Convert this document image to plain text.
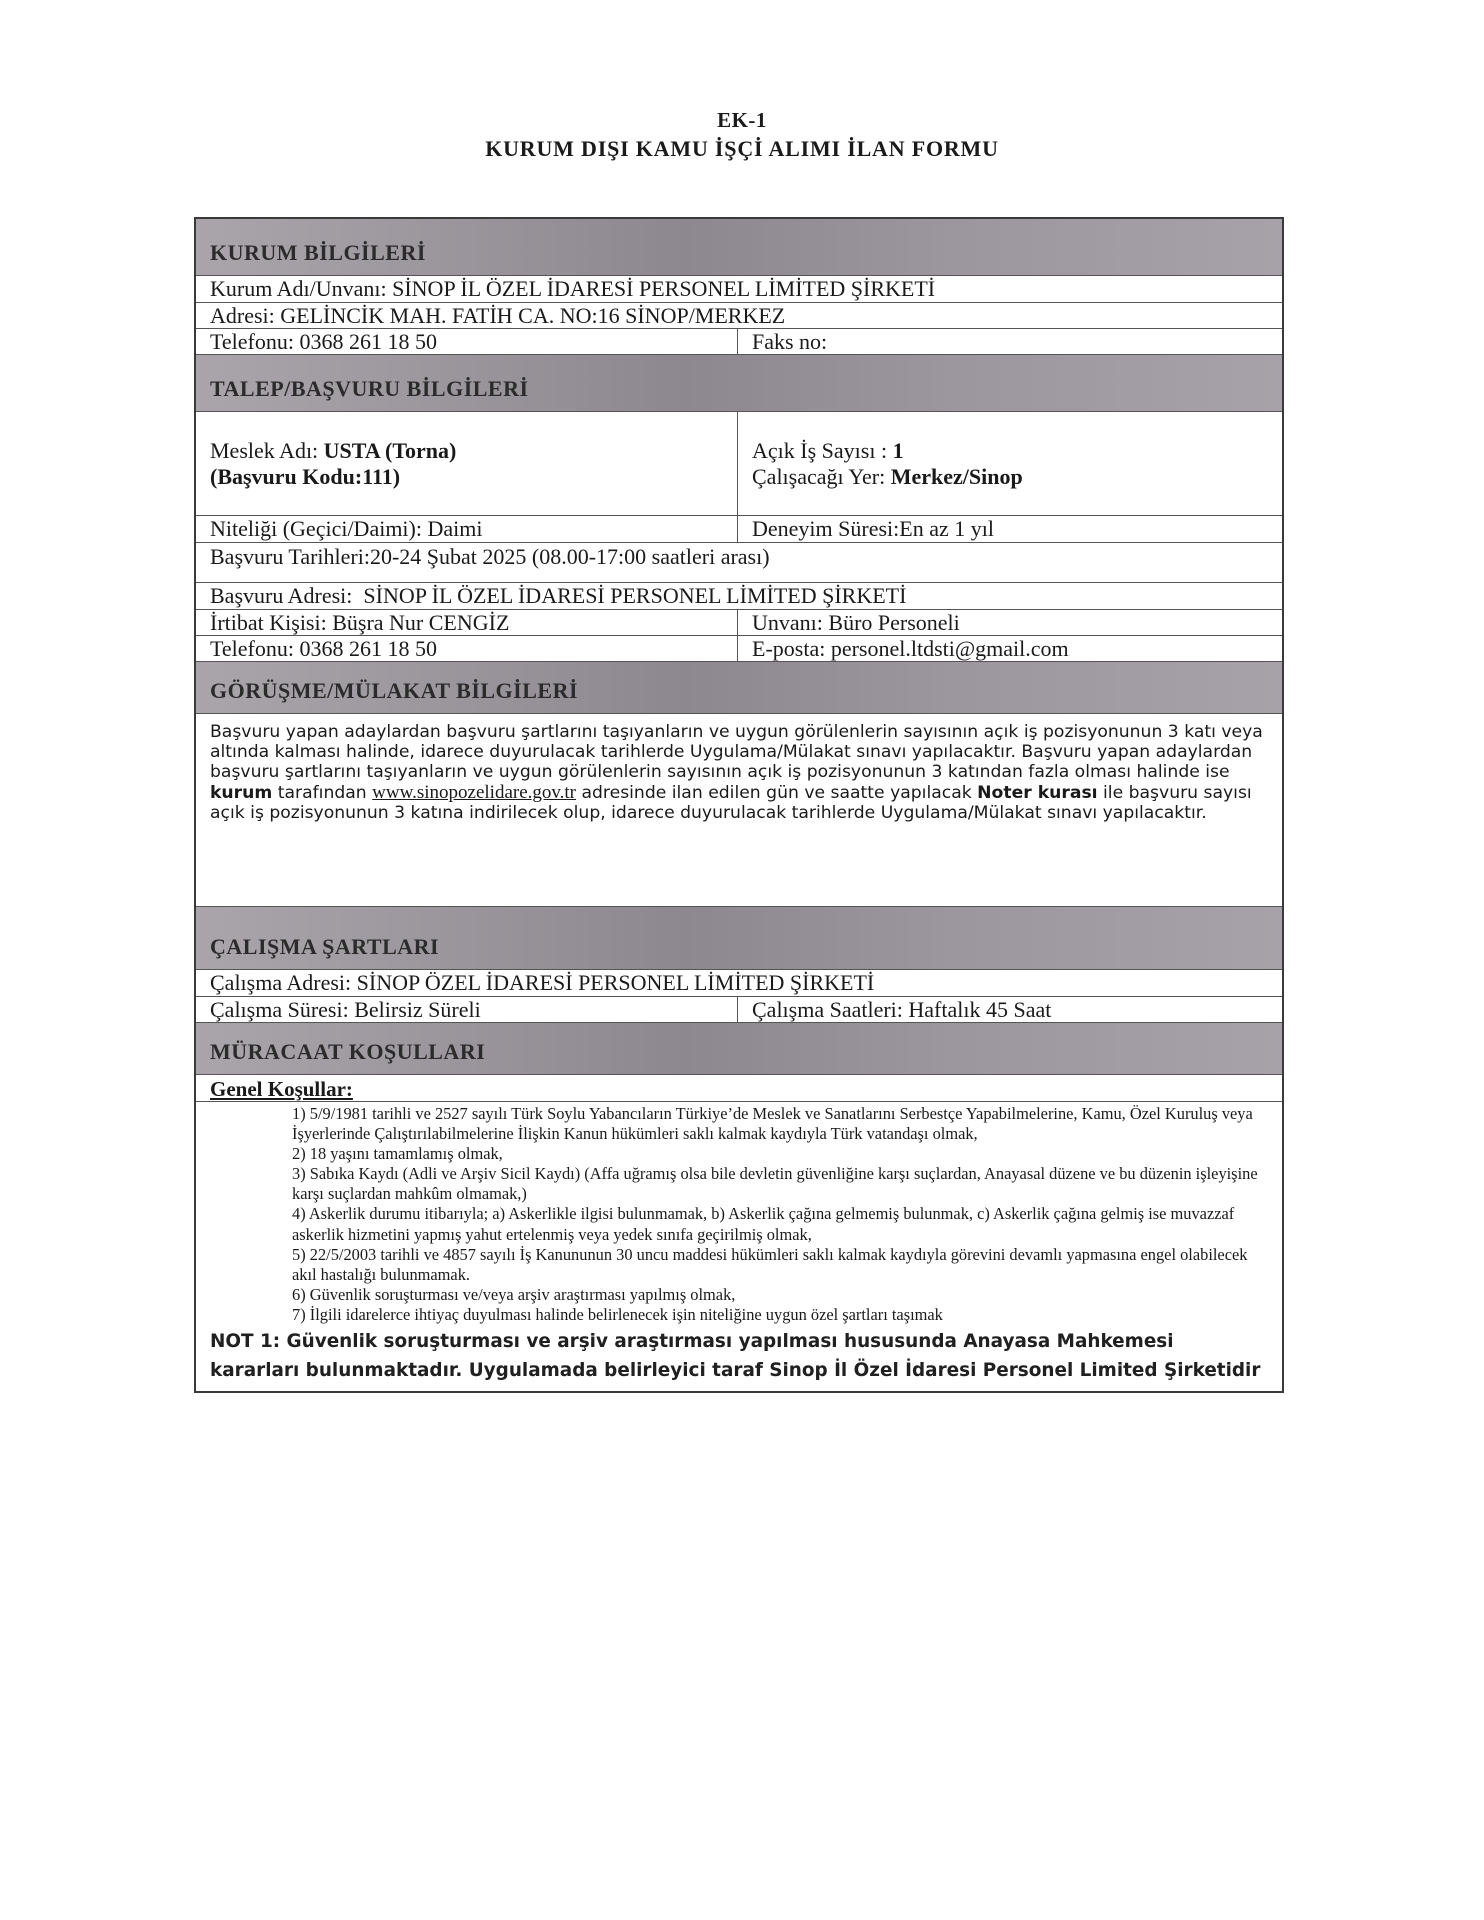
EK-1
KURUM DIŞI KAMU İŞÇİ ALIMI İLAN FORMU
KURUM BİLGİLERİ
Kurum Adı/Unvanı:
SİNOP İL ÖZEL İDARESİ PERSONEL LİMİTED ŞİRKETİ
Adresi:
GELİNCİK MAH. FATİH CA. NO:16 SİNOP/MERKEZ
Telefonu:
0368 261 18 50	Faks no:
TALEP/BAŞVURU BİLGİLERİ
Meslek Adı: USTA (Torna)
(Başvuru Kodu:111)
Açık İş Sayısı : 1
Çalışacağı Yer: Merkez/Sinop
Niteliği (Geçici/Daimi):
Daimi	Deneyim Süresi: En az 1 yıl
Başvuru Tarihleri: 20-24 Şubat 2025 (08.00-17:00 saatleri arası)
Başvuru Adresi:
SİNOP İL ÖZEL İDARESİ PERSONEL LİMİTED ŞİRKETİ
İrtibat Kişisi:
Büşra Nur CENGİZ	Unvanı:
Büro Personeli
Telefonu:
0368 261 18 50	E-posta:
personel.ltdsti@gmail.com
GÖRÜŞME/MÜLAKAT BİLGİLERİ
Başvuru yapan adaylardan başvuru şartlarını taşıyanların ve uygun görülenlerin sayısının açık iş pozisyonunun 3 katı veya altında kalması halinde, idarece duyurulacak tarihlerde Uygulama/Mülakat sınavı yapılacaktır. Başvuru yapan adaylardan başvuru şartlarını taşıyanların ve uygun görülenlerin sayısının açık iş pozisyonunun 3 katından fazla olması halinde ise kurum tarafından www.sinopozelidare.gov.tr adresinde ilan edilen gün ve saatte yapılacak Noter kurası ile başvuru sayısı açık iş pozisyonunun 3 katına indirilecek olup, idarece duyurulacak tarihlerde Uygulama/Mülakat sınavı yapılacaktır.
ÇALIŞMA ŞARTLARI
Çalışma Adresi:
SİNOP ÖZEL İDARESİ PERSONEL LİMİTED ŞİRKETİ
Çalışma Süresi:
Belirsiz Süreli	Çalışma Saatleri:
Haftalık 45 Saat
MÜRACAAT KOŞULLARI
Genel Koşullar:
1) 5/9/1981 tarihli ve 2527 sayılı Türk Soylu Yabancıların Türkiye’de Meslek ve Sanatlarını Serbestçe Yapabilmelerine, Kamu, Özel Kuruluş veya İşyerlerinde Çalıştırılabilmelerine İlişkin Kanun hükümleri saklı kalmak kaydıyla Türk vatandaşı olmak,
2) 18 yaşını tamamlamış olmak,
3) Sabıka Kaydı (Adli ve Arşiv Sicil Kaydı) (Affa uğramış olsa bile devletin güvenliğine karşı suçlardan, Anayasal düzene ve bu düzenin işleyişine karşı suçlardan mahkûm olmamak,)
4) Askerlik durumu itibarıyla; a) Askerlikle ilgisi bulunmamak, b) Askerlik çağına gelmemiş bulunmak, c) Askerlik çağına gelmiş ise muvazzaf askerlik hizmetini yapmış yahut ertelenmiş veya yedek sınıfa geçirilmiş olmak,
5) 22/5/2003 tarihli ve 4857 sayılı İş Kanununun 30 uncu maddesi hükümleri saklı kalmak kaydıyla görevini devamlı yapmasına engel olabilecek akıl hastalığı bulunmamak.
6) Güvenlik soruşturması ve/veya arşiv araştırması yapılmış olmak,
7) İlgili idarelerce ihtiyaç duyulması halinde belirlenecek işin niteliğine uygun özel şartları taşımak
NOT 1: Güvenlik soruşturması ve arşiv araştırması yapılması hususunda Anayasa Mahkemesi kararları bulunmaktadır. Uygulamada belirleyici taraf Sinop İl Özel İdaresi Personel Limited Şirketidir
